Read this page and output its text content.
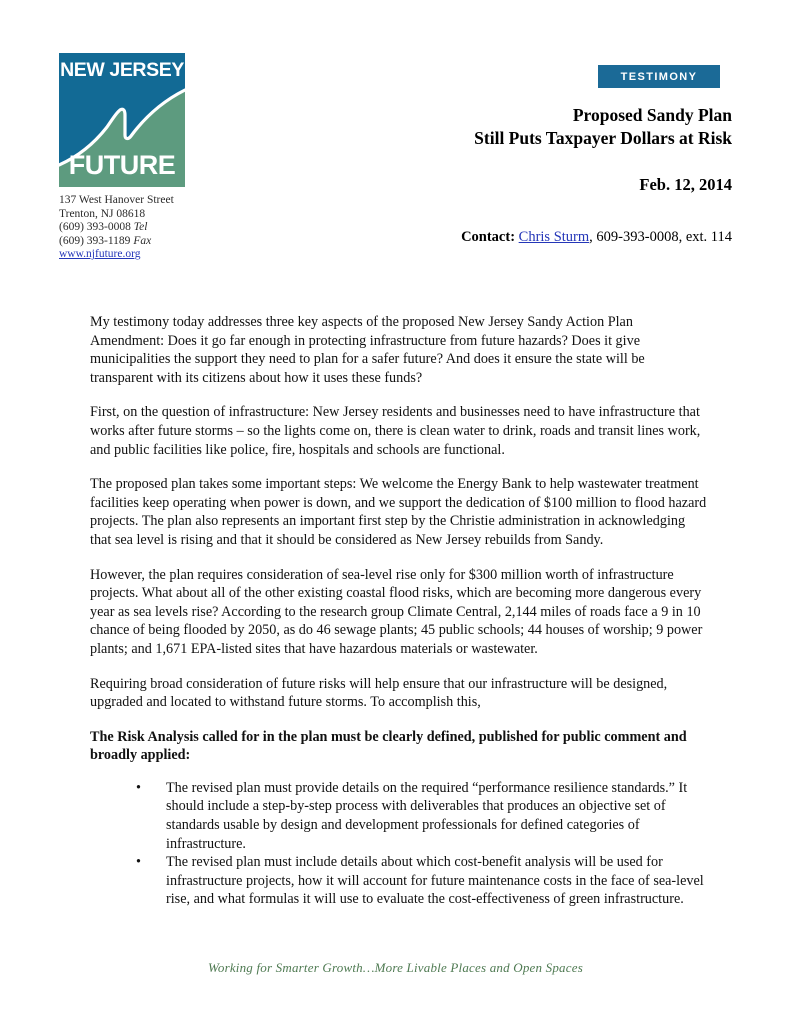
NEW JERSEY
FUTURE
137 West Hanover Street
Trenton, NJ 08618
(609) 393-0008 Tel
(609) 393-1189 Fax
www.njfuture.org
TESTIMONY
Proposed Sandy Plan
Still Puts Taxpayer Dollars at Risk
Feb. 12, 2014
Contact: Chris Sturm, 609-393-0008, ext. 114

My testimony today addresses three key aspects of the proposed New Jersey Sandy Action Plan Amendment: Does it go far enough in protecting infrastructure from future hazards? Does it give municipalities the support they need to plan for a safer future? And does it ensure the state will be transparent with its citizens about how it uses these funds?

First, on the question of infrastructure: New Jersey residents and businesses need to have infrastructure that works after future storms – so the lights come on, there is clean water to drink, roads and transit lines work, and public facilities like police, fire, hospitals and schools are functional.

The proposed plan takes some important steps: We welcome the Energy Bank to help wastewater treatment facilities keep operating when power is down, and we support the dedication of $100 million to flood hazard projects. The plan also represents an important first step by the Christie administration in acknowledging that sea level is rising and that it should be considered as New Jersey rebuilds from Sandy.

However, the plan requires consideration of sea-level rise only for $300 million worth of infrastructure projects. What about all of the other existing coastal flood risks, which are becoming more dangerous every year as sea levels rise? According to the research group Climate Central, 2,144 miles of roads face a 9 in 10 chance of being flooded by 2050, as do 46 sewage plants; 45 public schools; 44 houses of worship; 9 power plants; and 1,671 EPA-listed sites that have hazardous materials or wastewater.

Requiring broad consideration of future risks will help ensure that our infrastructure will be designed, upgraded and located to withstand future storms. To accomplish this,

The Risk Analysis called for in the plan must be clearly defined, published for public comment and broadly applied:

• The revised plan must provide details on the required “performance resilience standards.” It should include a step-by-step process with deliverables that produces an objective set of standards usable by design and development professionals for defined categories of infrastructure.
• The revised plan must include details about which cost-benefit analysis will be used for infrastructure projects, how it will account for future maintenance costs in the face of sea-level rise, and what formulas it will use to evaluate the cost-effectiveness of green infrastructure.
Working for Smarter Growth…More Livable Places and Open Spaces
